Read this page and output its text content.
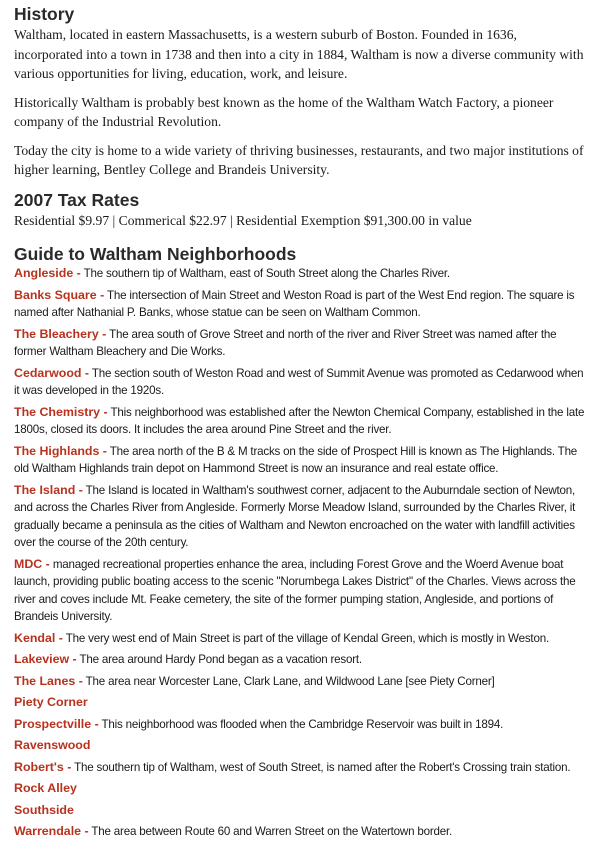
History

Waltham, located in eastern Massachusetts, is a western suburb of Boston. Founded in 1636, incorporated into a town in 1738 and then into a city in 1884, Waltham is now a diverse community with various opportunities for living, education, work, and leisure.

Historically Waltham is probably best known as the home of the Waltham Watch Factory, a pioneer company of the Industrial Revolution.

Today the city is home to a wide variety of thriving businesses, restaurants, and two major institutions of higher learning, Bentley College and Brandeis University.

2007 Tax Rates

Residential $9.97 | Commerical $22.97 | Residential Exemption $91,300.00 in value

Guide to Waltham Neighborhoods

Angleside - The southern tip of Waltham, east of South Street along the Charles River.

Banks Square - The intersection of Main Street and Weston Road is part of the West End region. The square is named after Nathanial P. Banks, whose statue can be seen on Waltham Common.

The Bleachery - The area south of Grove Street and north of the river and River Street was named after the former Waltham Bleachery and Die Works.

Cedarwood - The section south of Weston Road and west of Summit Avenue was promoted as Cedarwood when it was developed in the 1920s.

The Chemistry - This neighborhood was established after the Newton Chemical Company, established in the late 1800s, closed its doors. It includes the area around Pine Street and the river.

The Highlands - The area north of the B & M tracks on the side of Prospect Hill is known as The Highlands. The old Waltham Highlands train depot on Hammond Street is now an insurance and real estate office.

The Island - The Island is located in Waltham's southwest corner, adjacent to the Auburndale section of Newton, and across the Charles River from Angleside. Formerly Morse Meadow Island, surrounded by the Charles River, it gradually became a peninsula as the cities of Waltham and Newton encroached on the water with landfill activities over the course of the 20th century.

MDC - managed recreational properties enhance the area, including Forest Grove and the Woerd Avenue boat launch, providing public boating access to the scenic "Norumbega Lakes District" of the Charles. Views across the river and coves include Mt. Feake cemetery, the site of the former pumping station, Angleside, and portions of Brandeis University.

Kendal - The very west end of Main Street is part of the village of Kendal Green, which is mostly in Weston.

Lakeview - The area around Hardy Pond began as a vacation resort.

The Lanes - The area near Worcester Lane, Clark Lane, and Wildwood Lane [see Piety Corner]

Piety Corner

Prospectville - This neighborhood was flooded when the Cambridge Reservoir was built in 1894.

Ravenswood

Robert's - The southern tip of Waltham, west of South Street, is named after the Robert's Crossing train station.

Rock Alley

Southside

Warrendale - The area between Route 60 and Warren Street on the Watertown border.
